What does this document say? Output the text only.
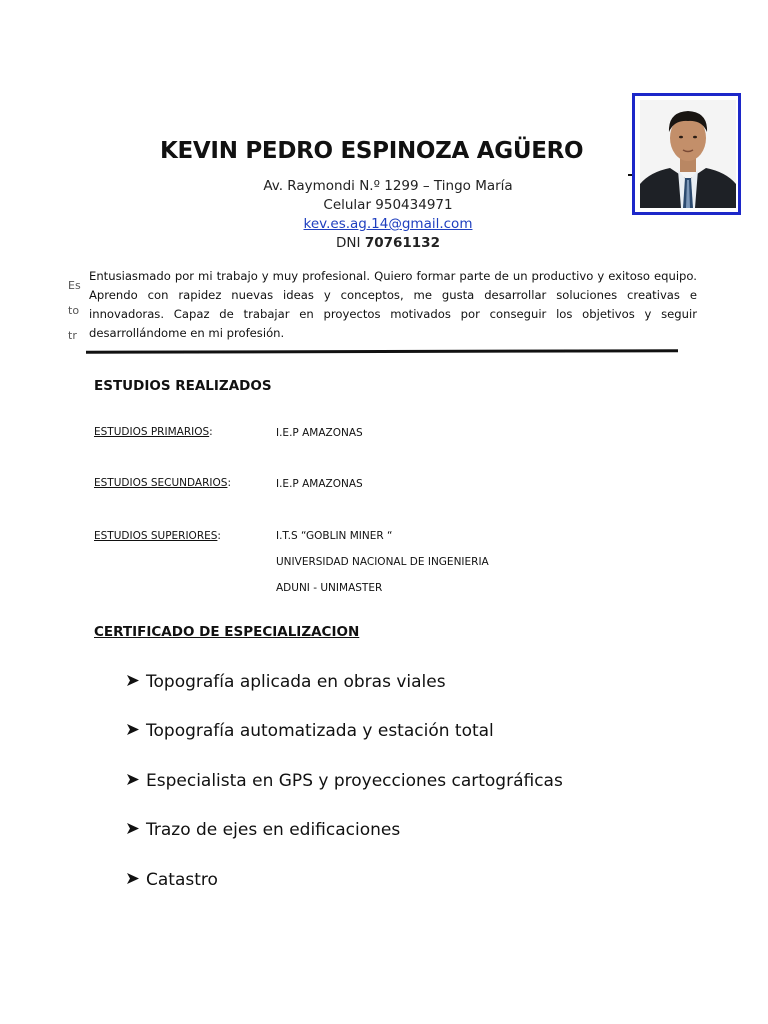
KEVIN PEDRO ESPINOZA AGÜERO
Av. Raymondi N.º 1299 – Tingo María
Celular 950434971
kev.es.ag.14@gmail.com
DNI 70761132
Es
to
tr
Entusiasmado por mi trabajo y muy profesional. Quiero formar parte de un productivo y exitoso equipo. Aprendo con rapidez nuevas ideas y conceptos, me gusta desarrollar soluciones creativas e innovadoras. Capaz de trabajar en proyectos motivados por conseguir los objetivos y seguir desarrollándome en mi profesión.
ESTUDIOS REALIZADOS
ESTUDIOS PRIMARIOS:	I.E.P AMAZONAS
ESTUDIOS SECUNDARIOS:	I.E.P AMAZONAS
ESTUDIOS SUPERIORES:	I.T.S “GOBLIN MINER “
UNIVERSIDAD NACIONAL DE INGENIERIA
ADUNI - UNIMASTER
CERTIFICADO DE ESPECIALIZACION
Topografía aplicada en obras viales
Topografía automatizada y estación total
Especialista en GPS y proyecciones cartográficas
Trazo de ejes en edificaciones
Catastro
